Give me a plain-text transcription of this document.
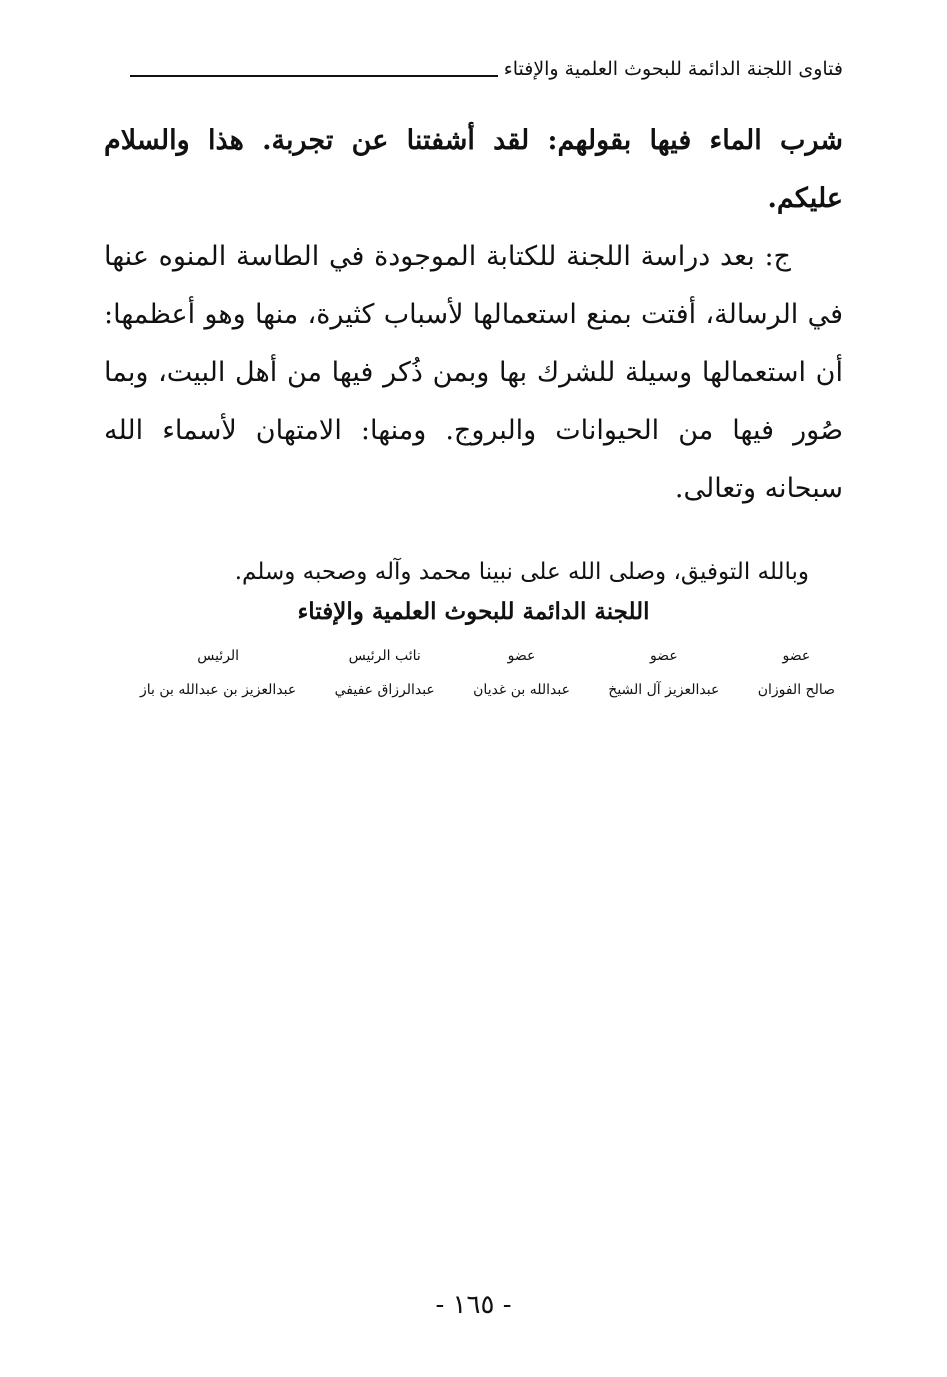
فتاوى اللجنة الدائمة للبحوث العلمية والإفتاء

شرب الماء فيها بقولهم: لقد أشفتنا عن تجربة. هذا والسلام عليكم.

ج: بعد دراسة اللجنة للكتابة الموجودة في الطاسة المنوه عنها في الرسالة، أفتت بمنع استعمالها لأسباب كثيرة، منها وهو أعظمها: أن استعمالها وسيلة للشرك بها وبمن ذُكر فيها من أهل البيت، وبما صُور فيها من الحيوانات والبروج. ومنها: الامتهان لأسماء الله سبحانه وتعالى.

وبالله التوفيق، وصلى الله على نبينا محمد وآله وصحبه وسلم.
اللجنة الدائمة للبحوث العلمية والإفتاء
عضو
صالح الفوزان
عضو
عبدالعزيز آل الشيخ
عضو
عبدالله بن غديان
نائب الرئيس
عبدالرزاق عفيفي
الرئيس
عبدالعزيز بن عبدالله بن باز
- ١٦٥ -
